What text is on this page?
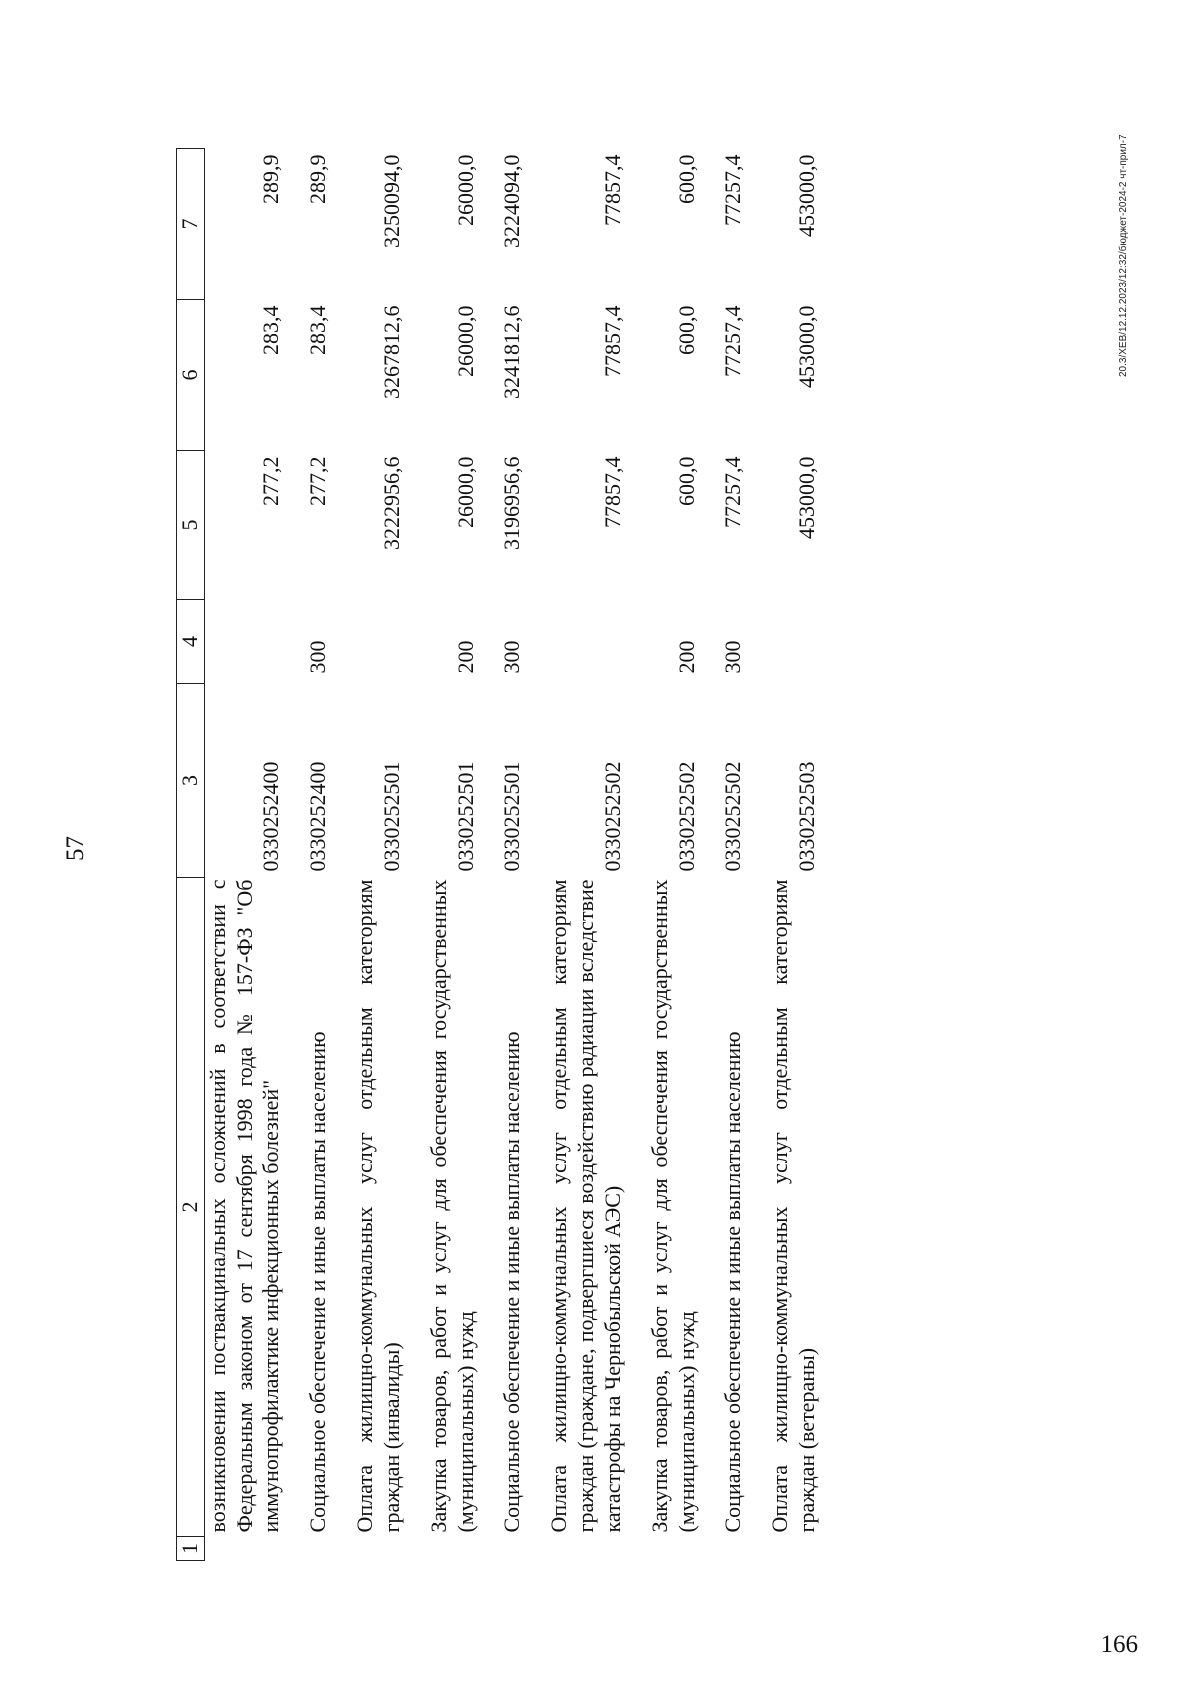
57
1	2	3	4	5	6	7
	возникновении поствакцинальных осложнений в соответствии с Федеральным законом от 17 сентября 1998 года № 157-ФЗ "Об иммунопрофилактике инфекционных болезней"	0330252400		277,2	283,4	289,9

	Социальное обеспечение и иные выплаты населению	0330252400	300	277,2	283,4	289,9

	Оплата жилищно-коммунальных услуг отдельным категориям граждан (инвалиды)	0330252501		3222956,6	3267812,6	3250094,0

	Закупка товаров, работ и услуг для обеспечения государственных (муниципальных) нужд	0330252501	200	26000,0	26000,0	26000,0

	Социальное обеспечение и иные выплаты населению	0330252501	300	3196956,6	3241812,6	3224094,0

	Оплата жилищно-коммунальных услуг отдельным категориям граждан (граждане, подвергшиеся воздействию радиации вследствие катастрофы на Чернобыльской АЭС)	0330252502		77857,4	77857,4	77857,4

	Закупка товаров, работ и услуг для обеспечения государственных (муниципальных) нужд	0330252502	200	600,0	600,0	600,0

	Социальное обеспечение и иные выплаты населению	0330252502	300	77257,4	77257,4	77257,4

	Оплата жилищно-коммунальных услуг отдельным категориям граждан (ветераны)	0330252503		453000,0	453000,0	453000,0	20.3/XEB/12.12.2023/12:32/бюджет-2024-2 чт-прил-7
166
